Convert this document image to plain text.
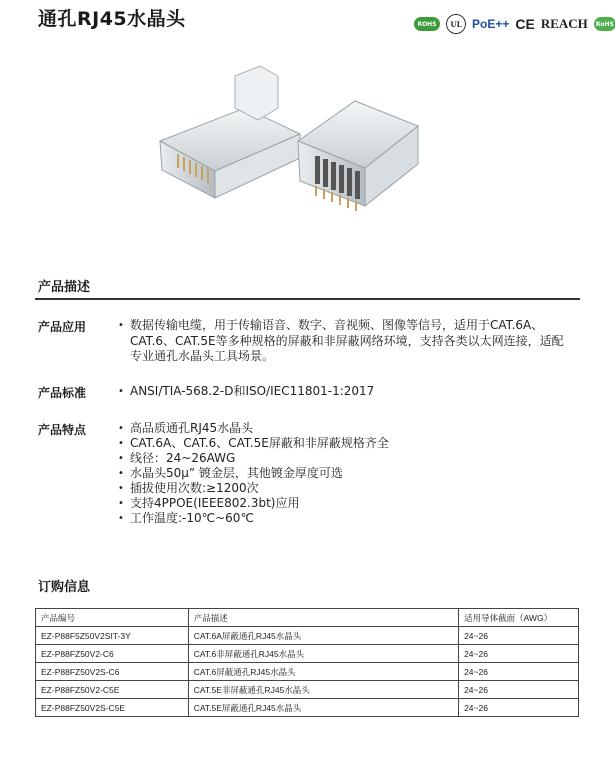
通孔RJ45水晶头	ROHS	UL PoE++ CE REACH	RoHS
产品描述
产品应用	• 数据传输电缆，用于传输语音、数字、音视频、图像等信号，适用于CAT.6A、
CAT.6、CAT.5E等多种规格的屏蔽和非屏蔽网络环境，支持各类以太网连接，适配
专业通孔水晶头工具场景。
产品标准	• ANSI/TIA-568.2-D和ISO/IEC11801-1:2017
产品特点	• 高品质通孔RJ45水晶头
• CAT.6A、CAT.6、CAT.5E屏蔽和非屏蔽规格齐全
• 线径：24~26AWG
• 水晶头50μ” 镀金层，其他镀金厚度可选
• 插拔使用次数:≥1200次
• 支持4PPOE(IEEE802.3bt)应用
• 工作温度:-10℃~60℃
订购信息
产品编号	产品描述	适用导体截面（AWG）
EZ-P88F5Z50V2SIT-3Y	CAT.6A屏蔽通孔RJ45水晶头	24~26
EZ-P88FZ50V2-C6	CAT.6非屏蔽通孔RJ45水晶头	24~26
EZ-P88FZ50V2S-C6	CAT.6屏蔽通孔RJ45水晶头	24~26
EZ-P88FZ50V2-C5E	CAT.5E非屏蔽通孔RJ45水晶头	24~26
EZ-P88FZ50V2S-C5E	CAT.5E屏蔽通孔RJ45水晶头	24~26
